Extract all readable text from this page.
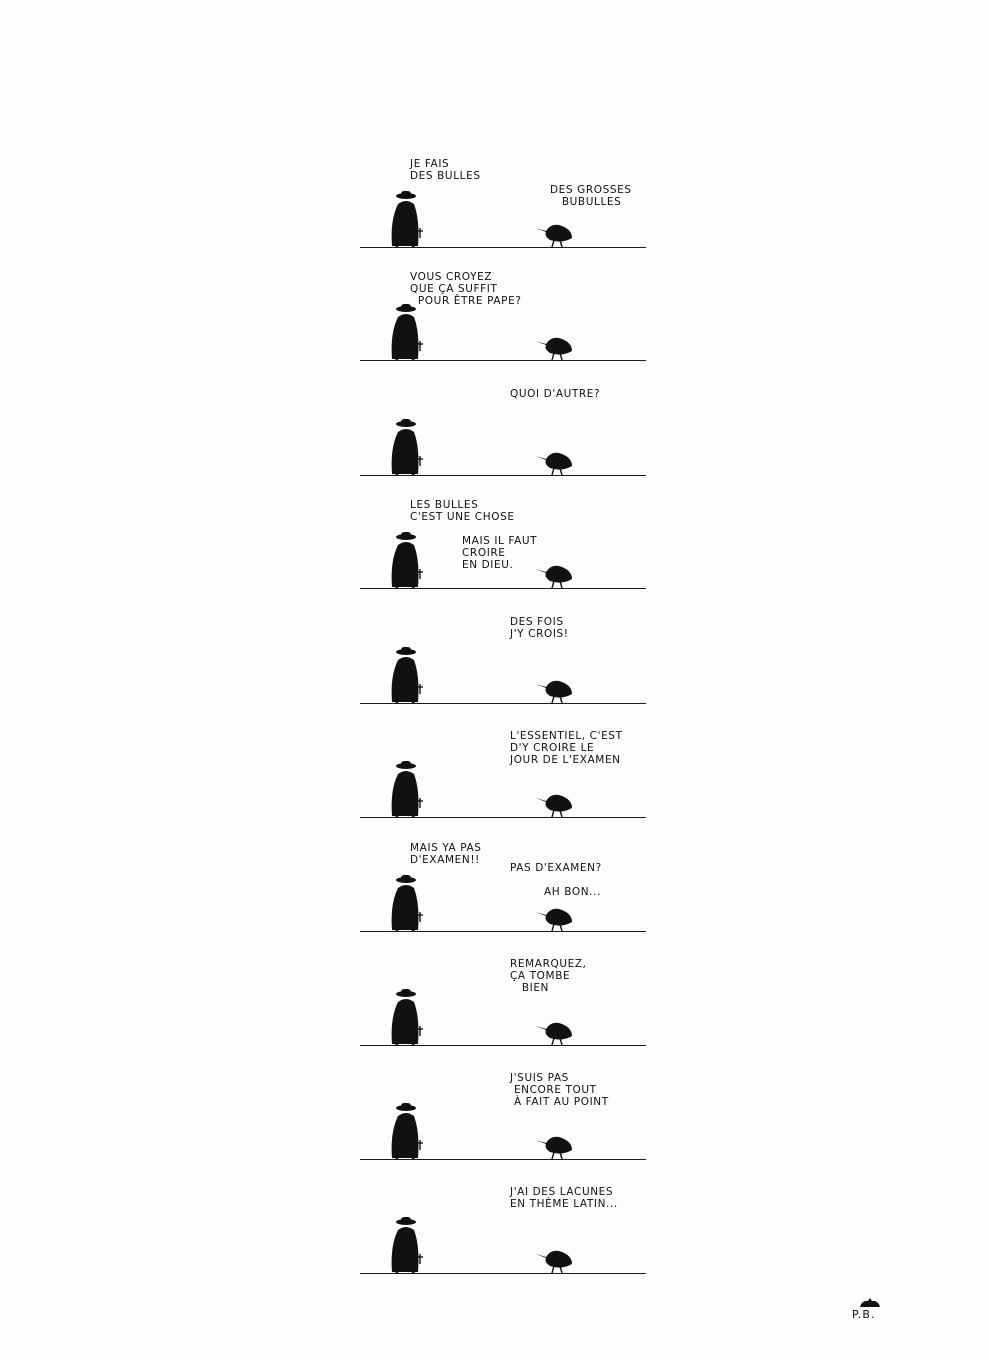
JE FAIS
DES BULLES
DES GROSSES
BUBULLES
VOUS CROYEZ
QUE ÇA SUFFIT
POUR ÊTRE PAPE?
QUOI D'AUTRE?
LES BULLES
C'EST UNE CHOSE
MAIS IL FAUT
CROIRE
EN DIEU.
DES FOIS
J'Y CROIS!
L'ESSENTIEL, C'EST
D'Y CROIRE LE
JOUR DE L'EXAMEN
MAIS YA PAS
D'EXAMEN!!
PAS D'EXAMEN?
AH BON...
REMARQUEZ,
ÇA TOMBE
BIEN
J'SUIS PAS
ENCORE TOUT
À FAIT AU POINT
J'AI DES LACUNES
EN THÈME LATIN...
P.B.
